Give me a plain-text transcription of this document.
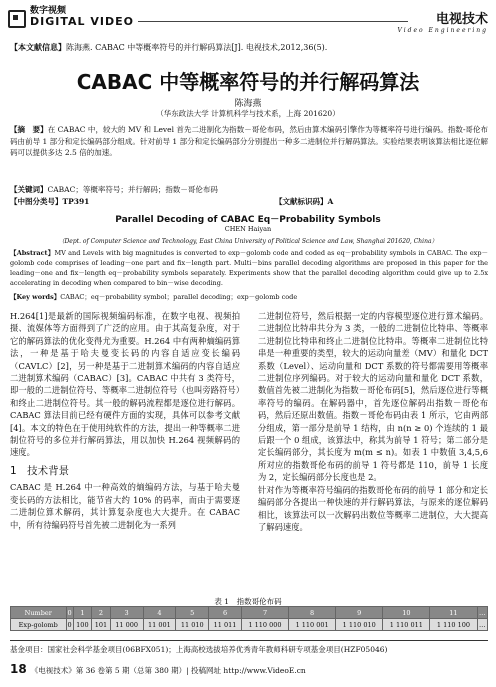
数字视频
DIGITAL VIDEO	电视技术
Video Engineering
【本文献信息】陈海燕. CABAC 中等概率符号的并行解码算法[J]. 电视技术,2012,36(5).
CABAC 中等概率符号的并行解码算法
陈海燕
（华东政法大学 计算机科学与技术系，上海 201620）
【摘　要】在 CABAC 中，较大的 MV 和 Level 首先二进制化为指数－哥伦布码，然后由算术编码引擎作为等概率符号进行编码。指数-哥伦布码由前导 1 部分和定长编码部分组成。针对前导 1 部分和定长编码部分分别提出一种多二进制位并行解码算法。实验结果表明该算法相比逐位解码可以提供多达 2.5 倍的加速。
【关键词】CABAC；等概率符号；并行解码；指数－哥伦布码
【中图分类号】TP391	【文献标识码】A
Parallel Decoding of CABAC Eq－Probability Symbols
CHEN Haiyan
（Dept. of Computer Science and Technology, East China University of Political Science and Law, Shanghai 201620, China）
【Abstract】MV and Levels with big magnitudes is converted to exp－golomb code and coded as eq－probability symbols in CABAC. The exp－golomb code comprises of leading－one part and fix－length part. Multi－bins parallel decoding algorithms are proposed in this paper for the leading－one and fix－length eq－probability symbols separately. Experiments show that the parallel decoding algorithm could give up to 2.5x accelerating in decoding when compared to bin－wise decoding.
【Key words】CABAC；eq－probability symbol；parallel decoding；exp－golomb code

H.264[1]是最新的国际视频编码标准，在数字电视、视频拍摄、流媒体等方面得到了广泛的应用。由于其高复杂度，对于它的解码算法的优化变得尤为重要。H.264 中有两种熵编码算法，一种是基于哈夫曼变长码的内容自适应变长编码（CAVLC）[2]，另一种是基于二进制算术编码的内容自适应二进制算术编码（CABAC）[3]。CABAC 中共有 3 类符号，即一般的二进制位符号、等概率二进制位符号（也叫旁路符号）和终止二进制位符号。其一般的解码流程都是逐位进行解码。CABAC 算法目前已经有硬件方面的实现，具体可以参考文献[4]。本文的特色在于使用纯软件的方法，提出一种等概率二进制位符号的多位并行解码算法，用以加快 H.264 视频解码的速度。

1　技术背景

CABAC 是 H.264 中一种高效的熵编码方法，与基于哈夫曼变长码的方法相比，能节省大约 10% 的码率，而由于需要逐二进制位算术解码，其计算复杂度也大大提升。在 CABAC 中，所有待编码符号首先被二进制化为一系列

二进制位符号，然后根据一定的内容模型逐位进行算术编码。二进制位比特串共分为 3 类，一般的二进制位比特串、等概率二进制位比特串和终止二进制位比特串。等概率二进制位比特串是一种重要的类型，较大的运动向量差（MV）和量化 DCT 系数（Level）、运动向量和 DCT 系数的符号都需要用等概率二进制位序列编码。对于较大的运动向量和量化 DCT 系数，数值首先被二进制化为指数－哥伦布码[5]，然后逐位进行等概率符号的编码。在解码器中，首先逐位解码出指数－哥伦布码，然后还原出数值。指数－哥伦布码由表 1 所示，它由两部分组成，第一部分是前导 1 结构，由 n(n ≥ 0) 个连续的 1 最后跟一个 0 组成，该算法中，称其为前导 1 符号；第二部分是定长编码部分，其长度为 m(m ≤ n)。如表 1 中数值 3,4,5,6 所对应的指数哥伦布码的前导 1 符号都是 110，前导 1 长度为 2，定长编码部分长度也是 2。

针对作为等概率符号编码的指数哥伦布码的前导 1 部分和定长编码部分各提出一种快速的并行解码算法，与原来的逐位解码相比，该算法可以一次解码出数位等概率二进制位，大大提高了解码速度。

表 1　指数哥伦布码
Number	0	1	2	3	4	5	6	7	8	9	10	11	…
Exp-golomb	0	100	101	11 000	11 001	11 010	11 011	1 110 000	1 110 001	1 110 010	1 110 011	1 110 100	…
基金项目：国家社会科学基金项目(06BFX051)；上海高校选拔培养优秀青年教师科研专项基金项目(HZF05046)
18 《电视技术》第 36 卷第 5 期（总第 380 期）| 投稿网址 http://www.VideoE.cn
